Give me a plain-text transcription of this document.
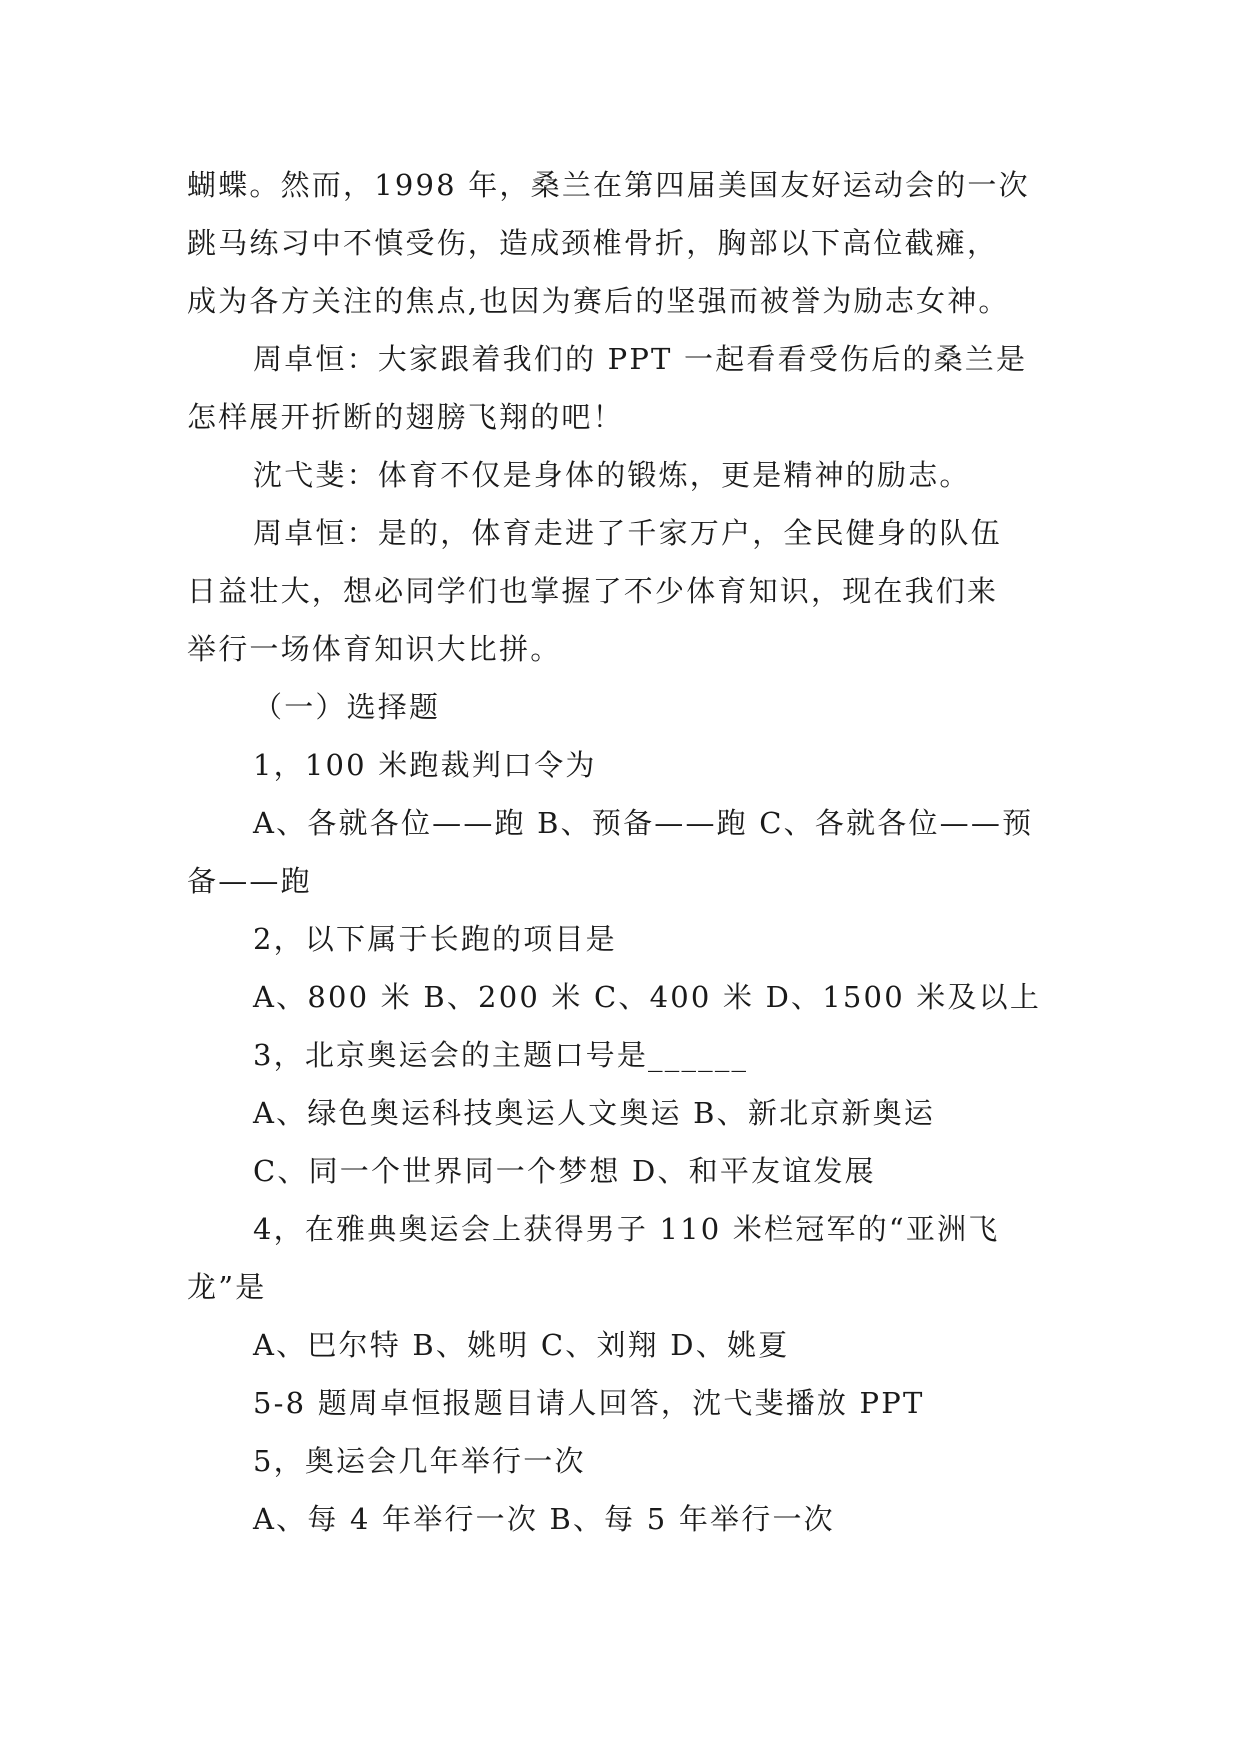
蝴蝶。然而，1998 年，桑兰在第四届美国友好运动会的一次
跳马练习中不慎受伤，造成颈椎骨折，胸部以下高位截瘫，
成为各方关注的焦点,也因为赛后的坚强而被誉为励志女神。
周卓恒：大家跟着我们的 PPT 一起看看受伤后的桑兰是
怎样展开折断的翅膀飞翔的吧！
沈弋斐：体育不仅是身体的锻炼，更是精神的励志。
周卓恒：是的，体育走进了千家万户，全民健身的队伍
日益壮大，想必同学们也掌握了不少体育知识，现在我们来
举行一场体育知识大比拼。
（一）选择题
1，100 米跑裁判口令为
A、各就各位——跑 B、预备——跑 C、各就各位——预
备——跑
2，以下属于长跑的项目是
A、800 米 B、200 米 C、400 米 D、1500 米及以上
3，北京奥运会的主题口号是______
A、绿色奥运科技奥运人文奥运 B、新北京新奥运
C、同一个世界同一个梦想 D、和平友谊发展
4，在雅典奥运会上获得男子 110 米栏冠军的“亚洲飞
龙”是
A、巴尔特 B、姚明 C、刘翔 D、姚夏
5-8 题周卓恒报题目请人回答，沈弋斐播放 PPT
5，奥运会几年举行一次
A、每 4 年举行一次 B、每 5 年举行一次
